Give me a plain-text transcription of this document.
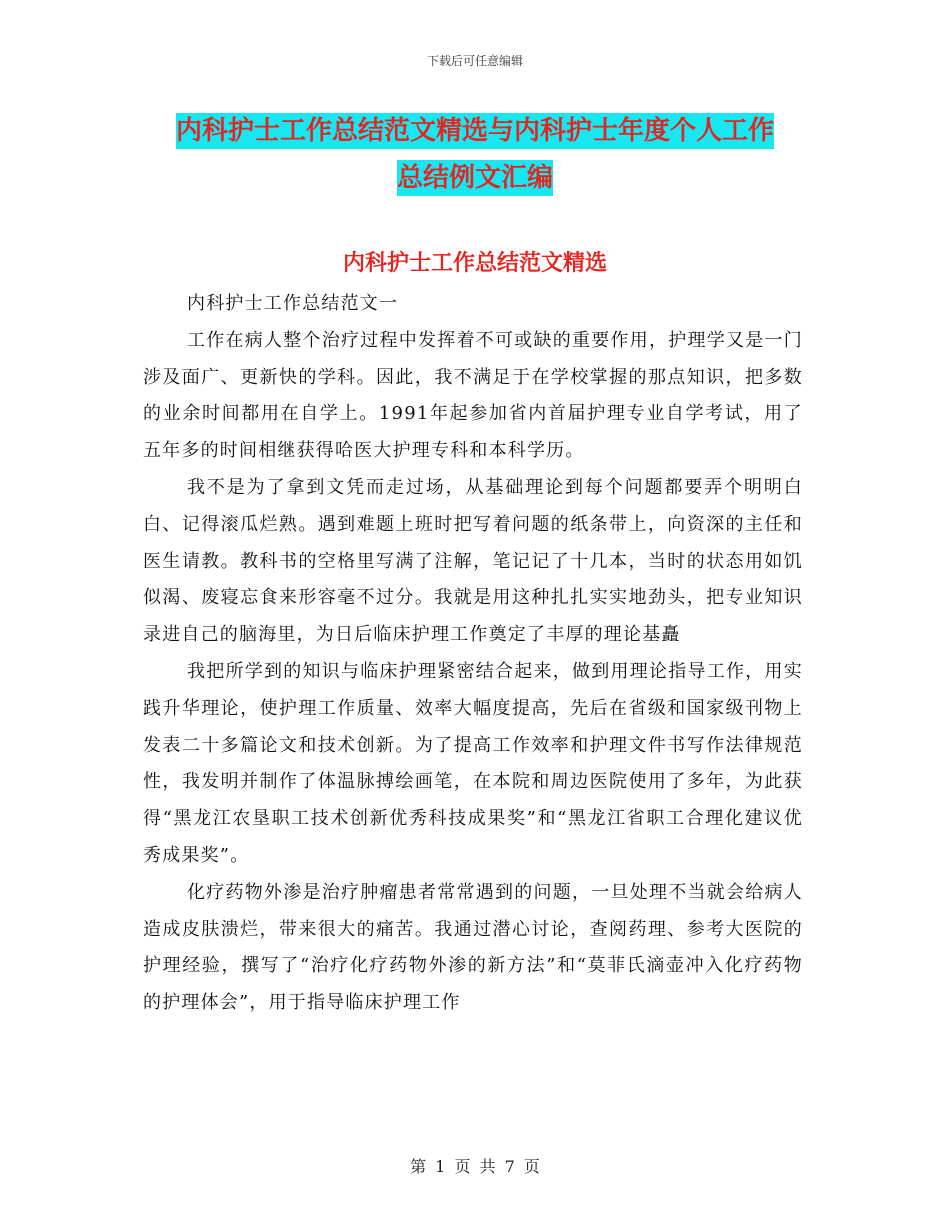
下载后可任意编辑
内科护士工作总结范文精选与内科护士年度个人工作
总结例文汇编
内科护士工作总结范文精选

内科护士工作总结范文一

工作在病人整个治疗过程中发挥着不可或缺的重要作用，护理学又是一门涉及面广、更新快的学科。因此，我不满足于在学校掌握的那点知识，把多数的业余时间都用在自学上。1991年起参加省内首届护理专业自学考试，用了五年多的时间相继获得哈医大护理专科和本科学历。

我不是为了拿到文凭而走过场，从基础理论到每个问题都要弄个明明白白、记得滚瓜烂熟。遇到难题上班时把写着问题的纸条带上，向资深的主任和医生请教。教科书的空格里写满了注解，笔记记了十几本，当时的状态用如饥似渴、废寝忘食来形容毫不过分。我就是用这种扎扎实实地劲头，把专业知识录进自己的脑海里，为日后临床护理工作奠定了丰厚的理论基矗

我把所学到的知识与临床护理紧密结合起来，做到用理论指导工作，用实践升华理论，使护理工作质量、效率大幅度提高，先后在省级和国家级刊物上发表二十多篇论文和技术创新。为了提高工作效率和护理文件书写作法律规范性，我发明并制作了体温脉搏绘画笔，在本院和周边医院使用了多年，为此获得“黑龙江农垦职工技术创新优秀科技成果奖”和“黑龙江省职工合理化建议优秀成果奖”。

化疗药物外渗是治疗肿瘤患者常常遇到的问题，一旦处理不当就会给病人造成皮肤溃烂，带来很大的痛苦。我通过潜心讨论，查阅药理、参考大医院的护理经验，撰写了“治疗化疗药物外渗的新方法”和“莫菲氏滴壶冲入化疗药物的护理体会”，用于指导临床护理工作

第 1 页 共 7 页
